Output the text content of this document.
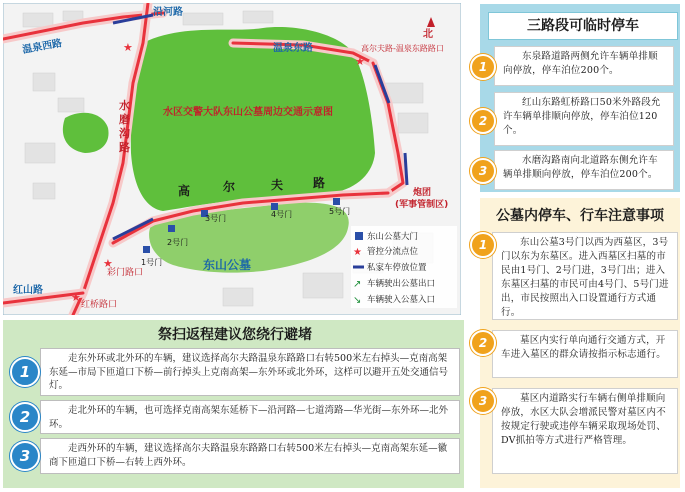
★
★
★
★
温泉西路
沿河路
温泉东路	高尔夫路-温泉东路路口
北
水区交警大队东山公墓周边交通示意图
水
磨
沟
路
高	尔	夫 路
炮团
(军事管制区)
东山公墓
红山路
红桥路口
彩门路口
1号门
2号门
3号门	4号门	5号门
东山公墓大门
★ 管控分流点位
私家车停放位置
↗ 车辆驶出公墓出口
↘ 车辆驶入公墓入口
三路段可临时停车
东泉路道路两侧允许车辆单排顺向停放，停车泊位200个。
1
红山东路虹桥路口50米外路段允许车辆单排顺向停放，停车泊位120个。
2
水磨沟路南向北道路东侧允许车辆单排顺向停放，停车泊位200个。
3
公墓内停车、行车注意事项
东山公墓3号门以西为西墓区，3号门以东为东墓区。进入西墓区扫墓的市民由1号门、2号门进，3号门出；进入东墓区扫墓的市民可由4号门、5号门进出，市民按照出入口设置通行方式通行。
1
墓区内实行单向通行交通方式，开车进入墓区的群众请按指示标志通行。
2
墓区内道路实行车辆右侧单排顺向停放，水区大队会增派民警对墓区内不按规定行驶或违停车辆采取现场处罚、DV抓拍等方式进行严格管理。
3
祭扫返程建议您绕行避堵
走东外环或北外环的车辆，建议选择高尔夫路温泉东路路口右转500米左右掉头—克南高架东延—市局下匝道口下桥—前行掉头上克南高架—东外环或北外环，这样可以避开五处交通信号灯。
1
走北外环的车辆，也可选择克南高架东延桥下—沿河路—七道湾路—华光街—东外环—北外环。
2
走西外环的车辆，建议选择高尔夫路温泉东路路口右转500米左右掉头—克南高架东延—徽商下匝道口下桥—右转上西外环。
3
